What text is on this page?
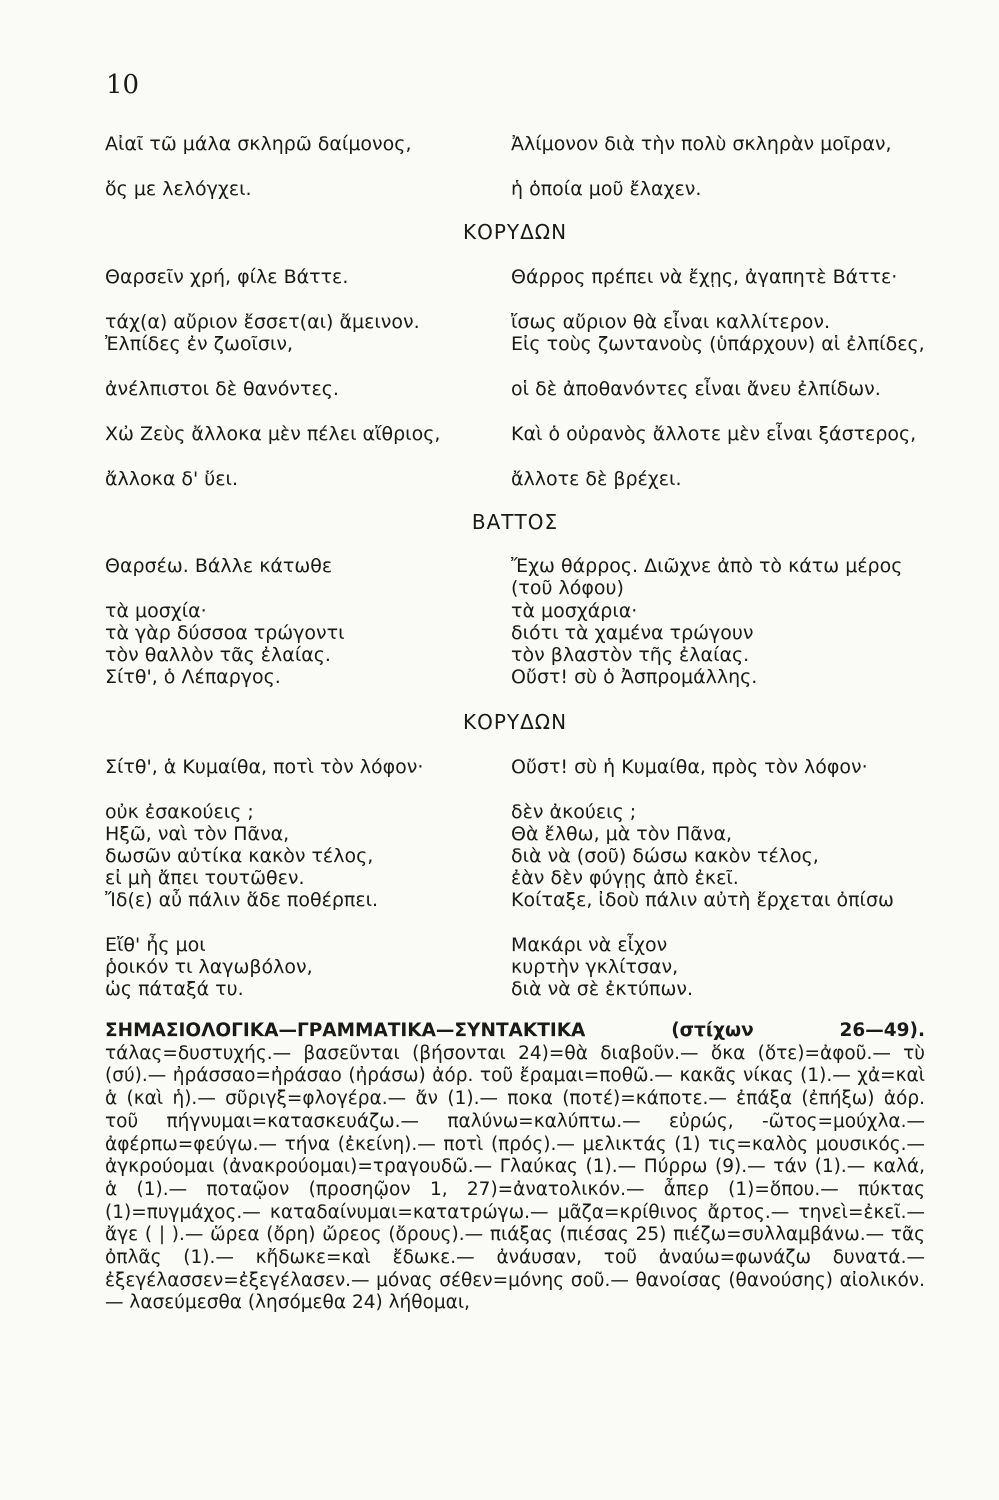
10
Αἰαῖ τῶ μάλα σκληρῶ δαίμονος,	Ἀλίμονον διὰ τὴν πολὺ σκληρὰν μοῖραν,
ὅς με λελόγχει.	ἡ ὁποία μοῦ ἔλαχεν.
ΚΟΡΥΔΩΝ
Θαρσεῖν χρή, φίλε Βάττε.	Θάρρος πρέπει νὰ ἔχῃς, ἀγαπητὲ Βάττε·
τάχ(α) αὔριον ἔσσετ(αι) ἄμεινον.	ἴσως αὔριον θὰ εἶναι καλλίτερον.
Ἐλπίδες ἐν ζωοῖσιν,	Εἰς τοὺς ζωντανοὺς (ὑπάρχουν) αἱ ἐλπίδες,
ἀνέλπιστοι δὲ θανόντες.	οἱ δὲ ἀποθανόντες εἶναι ἄνευ ἐλπίδων.
Χὠ Ζεὺς ἄλλοκα μὲν πέλει αἴθριος,	Καὶ ὁ οὐρανὸς ἄλλοτε μὲν εἶναι ξάστερος,
ἄλλοκα δ' ὕει.	ἄλλοτε δὲ βρέχει.
ΒΑΤΤΟΣ
Θαρσέω. Βάλλε κάτωθε	Ἔχω θάρρος. Διῶχνε ἀπὸ τὸ κάτω μέρος (τοῦ λόφου)
τὰ μοσχία·	τὰ μοσχάρια·
τὰ γὰρ δύσσοα τρώγοντι	διότι τὰ χαμένα τρώγουν
τὸν θαλλὸν τᾶς ἐλαίας.	τὸν βλαστὸν τῆς ἐλαίας.
Σίτθ', ὁ Λέπαργος.	Οὔστ! σὺ ὁ Ἀσπρομάλλης.
ΚΟΡΥΔΩΝ
Σίτθ', ἁ Κυμαίθα, ποτὶ τὸν λόφον·	Οὔστ! σὺ ἡ Κυμαίθα, πρὸς τὸν λόφον·
οὐκ ἐσακούεις ;	δὲν ἀκούεις ;
Ηξῶ, ναὶ τὸν Πᾶνα,	Θὰ ἔλθω, μὰ τὸν Πᾶνα,
δωσῶν αὐτίκα κακὸν τέλος,	διὰ νὰ (σοῦ) δώσω κακὸν τέλος,
εἰ μὴ ἄπει τουτῶθεν.	ἐὰν δὲν φύγῃς ἀπὸ ἐκεῖ.
Ἴδ(ε) αὖ πάλιν ἅδε ποθέρπει.	Κοίταξε, ἰδοὺ πάλιν αὐτὴ ἔρχεται ὀπίσω
Εἴθ' ἦς μοι	Μακάρι νὰ εἶχον
ῥοικόν τι λαγωβόλον,	κυρτὴν γκλίτσαν,
ὡς πάταξά τυ.	διὰ νὰ σὲ ἐκτύπων.
ΣΗΜΑΣΙΟΛΟΓΙΚΑ—ΓΡΑΜΜΑΤΙΚΑ—ΣΥΝΤΑΚΤΙΚΑ (στίχων 26—49). τάλας=δυστυχής.— βασεῦνται (βήσονται 24)=θὰ διαβοῦν.— ὅκα (ὅτε)=ἀφοῦ.— τὺ (σύ).— ἠράσσαο=ἠράσαο (ἠράσω) ἀόρ. τοῦ ἔραμαι=ποθῶ.— κακᾶς νίκας (1).— χἀ=καὶ ἁ (καὶ ἡ).— σῦριγξ=φλογέρα.— ἄν (1).— ποκα (ποτέ)=κάποτε.— ἐπάξα (ἐπήξω) ἀόρ. τοῦ πήγνυμαι=κατασκευάζω.— παλύνω=καλύπτω.— εὐρώς, -ῶτος=μούχλα.— ἀφέρπω=φεύγω.— τήνα (ἐκείνη).— ποτὶ (πρός).— μελικτάς (1) τις=καλὸς μουσικός.— ἀγκρούομαι (ἀνακρούομαι)=τραγουδῶ.— Γλαύκας (1).— Πύρρω (9).— τάν (1).— καλά, ἁ (1).— ποταῷον (προσηῷον 1, 27)=ἀνατολικόν.— ἆπερ (1)=ὅπου.— πύκτας (1)=πυγμάχος.— καταδαίνυμαι=κατατρώγω.— μᾶζα=κρίθινος ἄρτος.— τηνεὶ=ἐκεῖ.— ἄγε ( | ).— ὥρεα (ὄρη) ὤρεος (ὄρους).— πιάξας (πιέσας 25) πιέζω=συλλαμβάνω.— τᾶς ὀπλᾶς (1).— κἤδωκε=καὶ ἔδωκε.— ἀνάυσαν, τοῦ ἀναύω=φωνάζω δυνατά.— ἐξεγέλασσεν=ἐξεγέλασεν.— μόνας σέθεν=μόνης σοῦ.— θανοίσας (θανούσης) αἰολικόν.— λασεύμεσθα (λησόμεθα 24) λήθομαι,
